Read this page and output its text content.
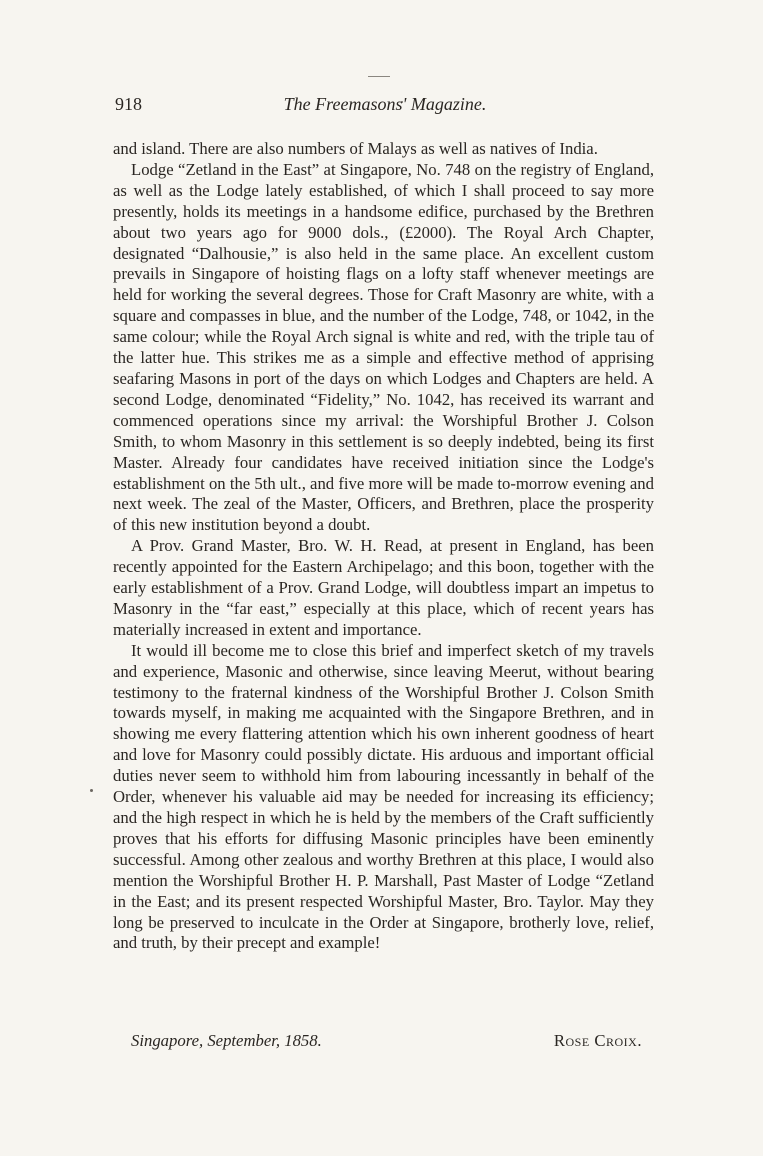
918	The Freemasons' Magazine.

and island. There are also numbers of Malays as well as natives of India.

Lodge “Zetland in the East” at Singapore, No. 748 on the registry of England, as well as the Lodge lately established, of which I shall proceed to say more presently, holds its meetings in a handsome edifice, purchased by the Brethren about two years ago for 9000 dols., (£2000). The Royal Arch Chapter, designated “Dalhousie,” is also held in the same place. An excellent custom prevails in Singapore of hoisting flags on a lofty staff whenever meetings are held for working the several degrees. Those for Craft Masonry are white, with a square and compasses in blue, and the number of the Lodge, 748, or 1042, in the same colour; while the Royal Arch signal is white and red, with the triple tau of the latter hue. This strikes me as a simple and effective method of apprising seafaring Masons in port of the days on which Lodges and Chapters are held. A second Lodge, denominated “Fidelity,” No. 1042, has received its warrant and commenced operations since my arrival: the Worshipful Brother J. Colson Smith, to whom Masonry in this settlement is so deeply indebted, being its first Master. Already four candidates have received initiation since the Lodge's establishment on the 5th ult., and five more will be made to-morrow evening and next week. The zeal of the Master, Officers, and Brethren, place the prosperity of this new institution beyond a doubt.

A Prov. Grand Master, Bro. W. H. Read, at present in England, has been recently appointed for the Eastern Archipelago; and this boon, together with the early establishment of a Prov. Grand Lodge, will doubtless impart an impetus to Masonry in the “far east,” especially at this place, which of recent years has materially increased in extent and importance.

It would ill become me to close this brief and imperfect sketch of my travels and experience, Masonic and otherwise, since leaving Meerut, without bearing testimony to the fraternal kindness of the Worshipful Brother J. Colson Smith towards myself, in making me acquainted with the Singapore Brethren, and in showing me every flattering attention which his own inherent goodness of heart and love for Masonry could possibly dictate. His arduous and important official duties never seem to withhold him from labouring incessantly in behalf of the Order, whenever his valuable aid may be needed for increasing its efficiency; and the high respect in which he is held by the members of the Craft sufficiently proves that his efforts for diffusing Masonic principles have been eminently successful. Among other zealous and worthy Brethren at this place, I would also mention the Worshipful Brother H. P. Marshall, Past Master of Lodge “Zetland in the East; and its present respected Worshipful Master, Bro. Taylor. May they long be preserved to inculcate in the Order at Singapore, brotherly love, relief, and truth, by their precept and example!

Singapore, September, 1858.	Rose Croix.
